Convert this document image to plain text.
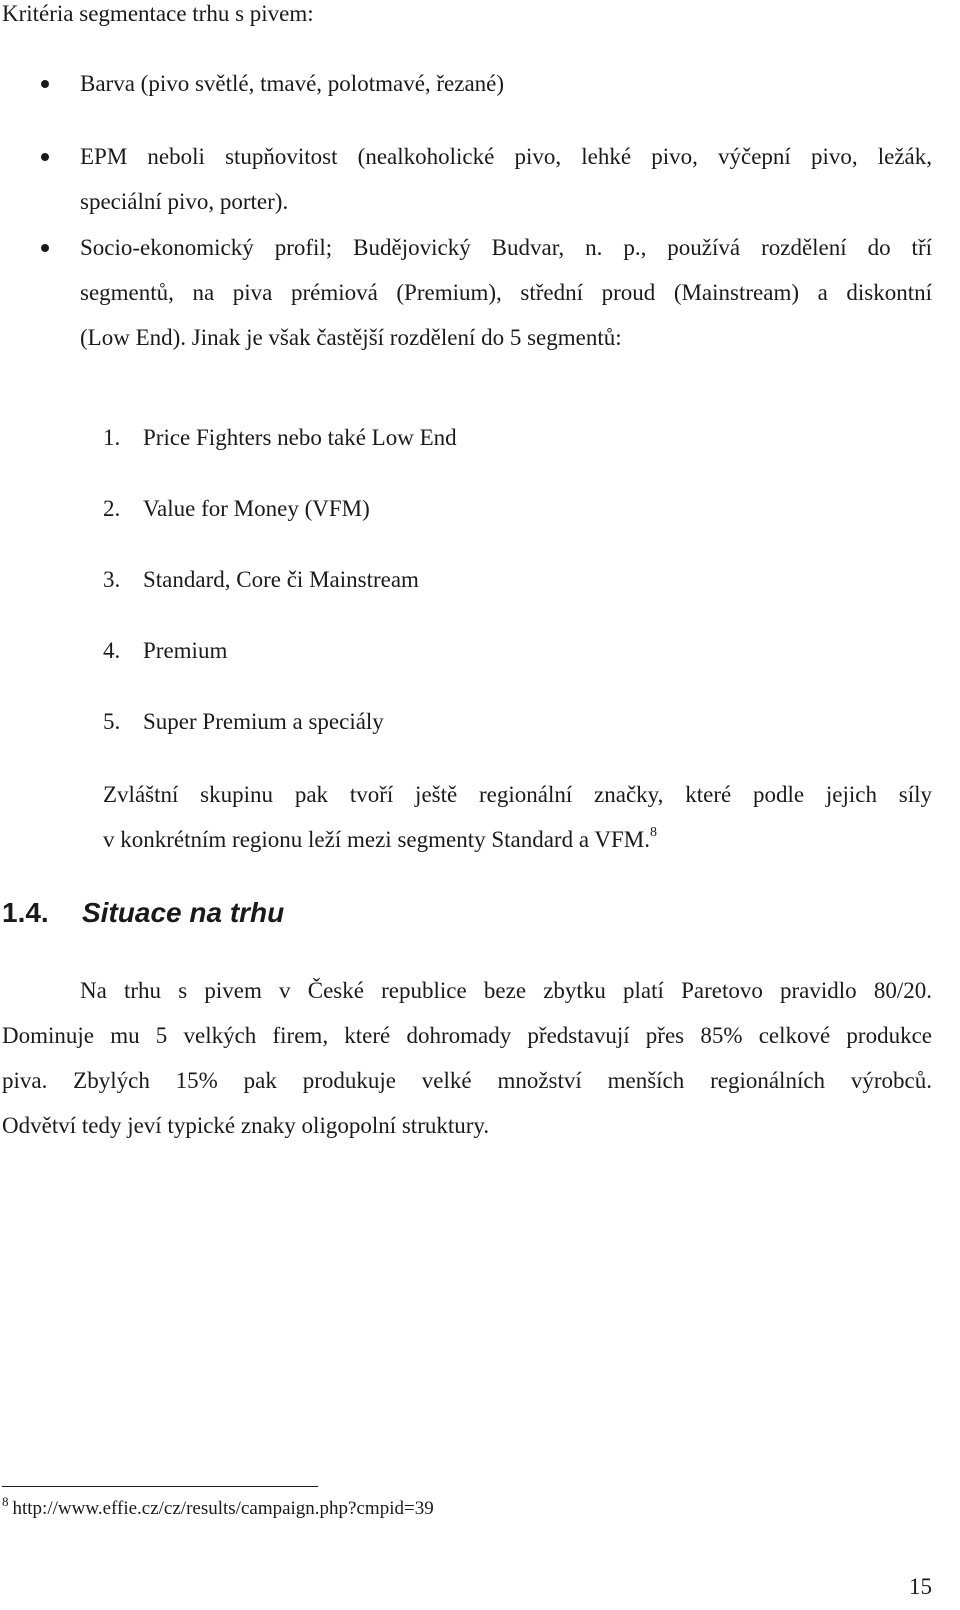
Kritéria segmentace trhu s pivem:
Barva (pivo světlé, tmavé, polotmavé, řezané)
EPM neboli stupňovitost (nealkoholické pivo, lehké pivo, výčepní pivo, ležák,
speciální pivo, porter).
Socio-ekonomický profil; Budějovický Budvar, n. p., používá rozdělení do tří
segmentů, na piva prémiová (Premium), střední proud (Mainstream) a diskontní
(Low End). Jinak je však častější rozdělení do 5 segmentů:
1. Price Fighters nebo také Low End
2. Value for Money (VFM)
3. Standard, Core či Mainstream
4. Premium
5. Super Premium a speciály
Zvláštní skupinu pak tvoří ještě regionální značky, které podle jejich síly
v konkrétním regionu leží mezi segmenty Standard a VFM.$^8$
1.4. Situace na trhu
Na trhu s pivem v České republice beze zbytku platí Paretovo pravidlo 80/20.
Dominuje mu 5 velkých firem, které dohromady představují přes 85% celkové produkce
piva. Zbylých 15% pak produkuje velké množství menších regionálních výrobců.
Odvětví tedy jeví typické znaky oligopolní struktury.
$^8$ http://www.effie.cz/cz/results/campaign.php?cmpid=39
15
